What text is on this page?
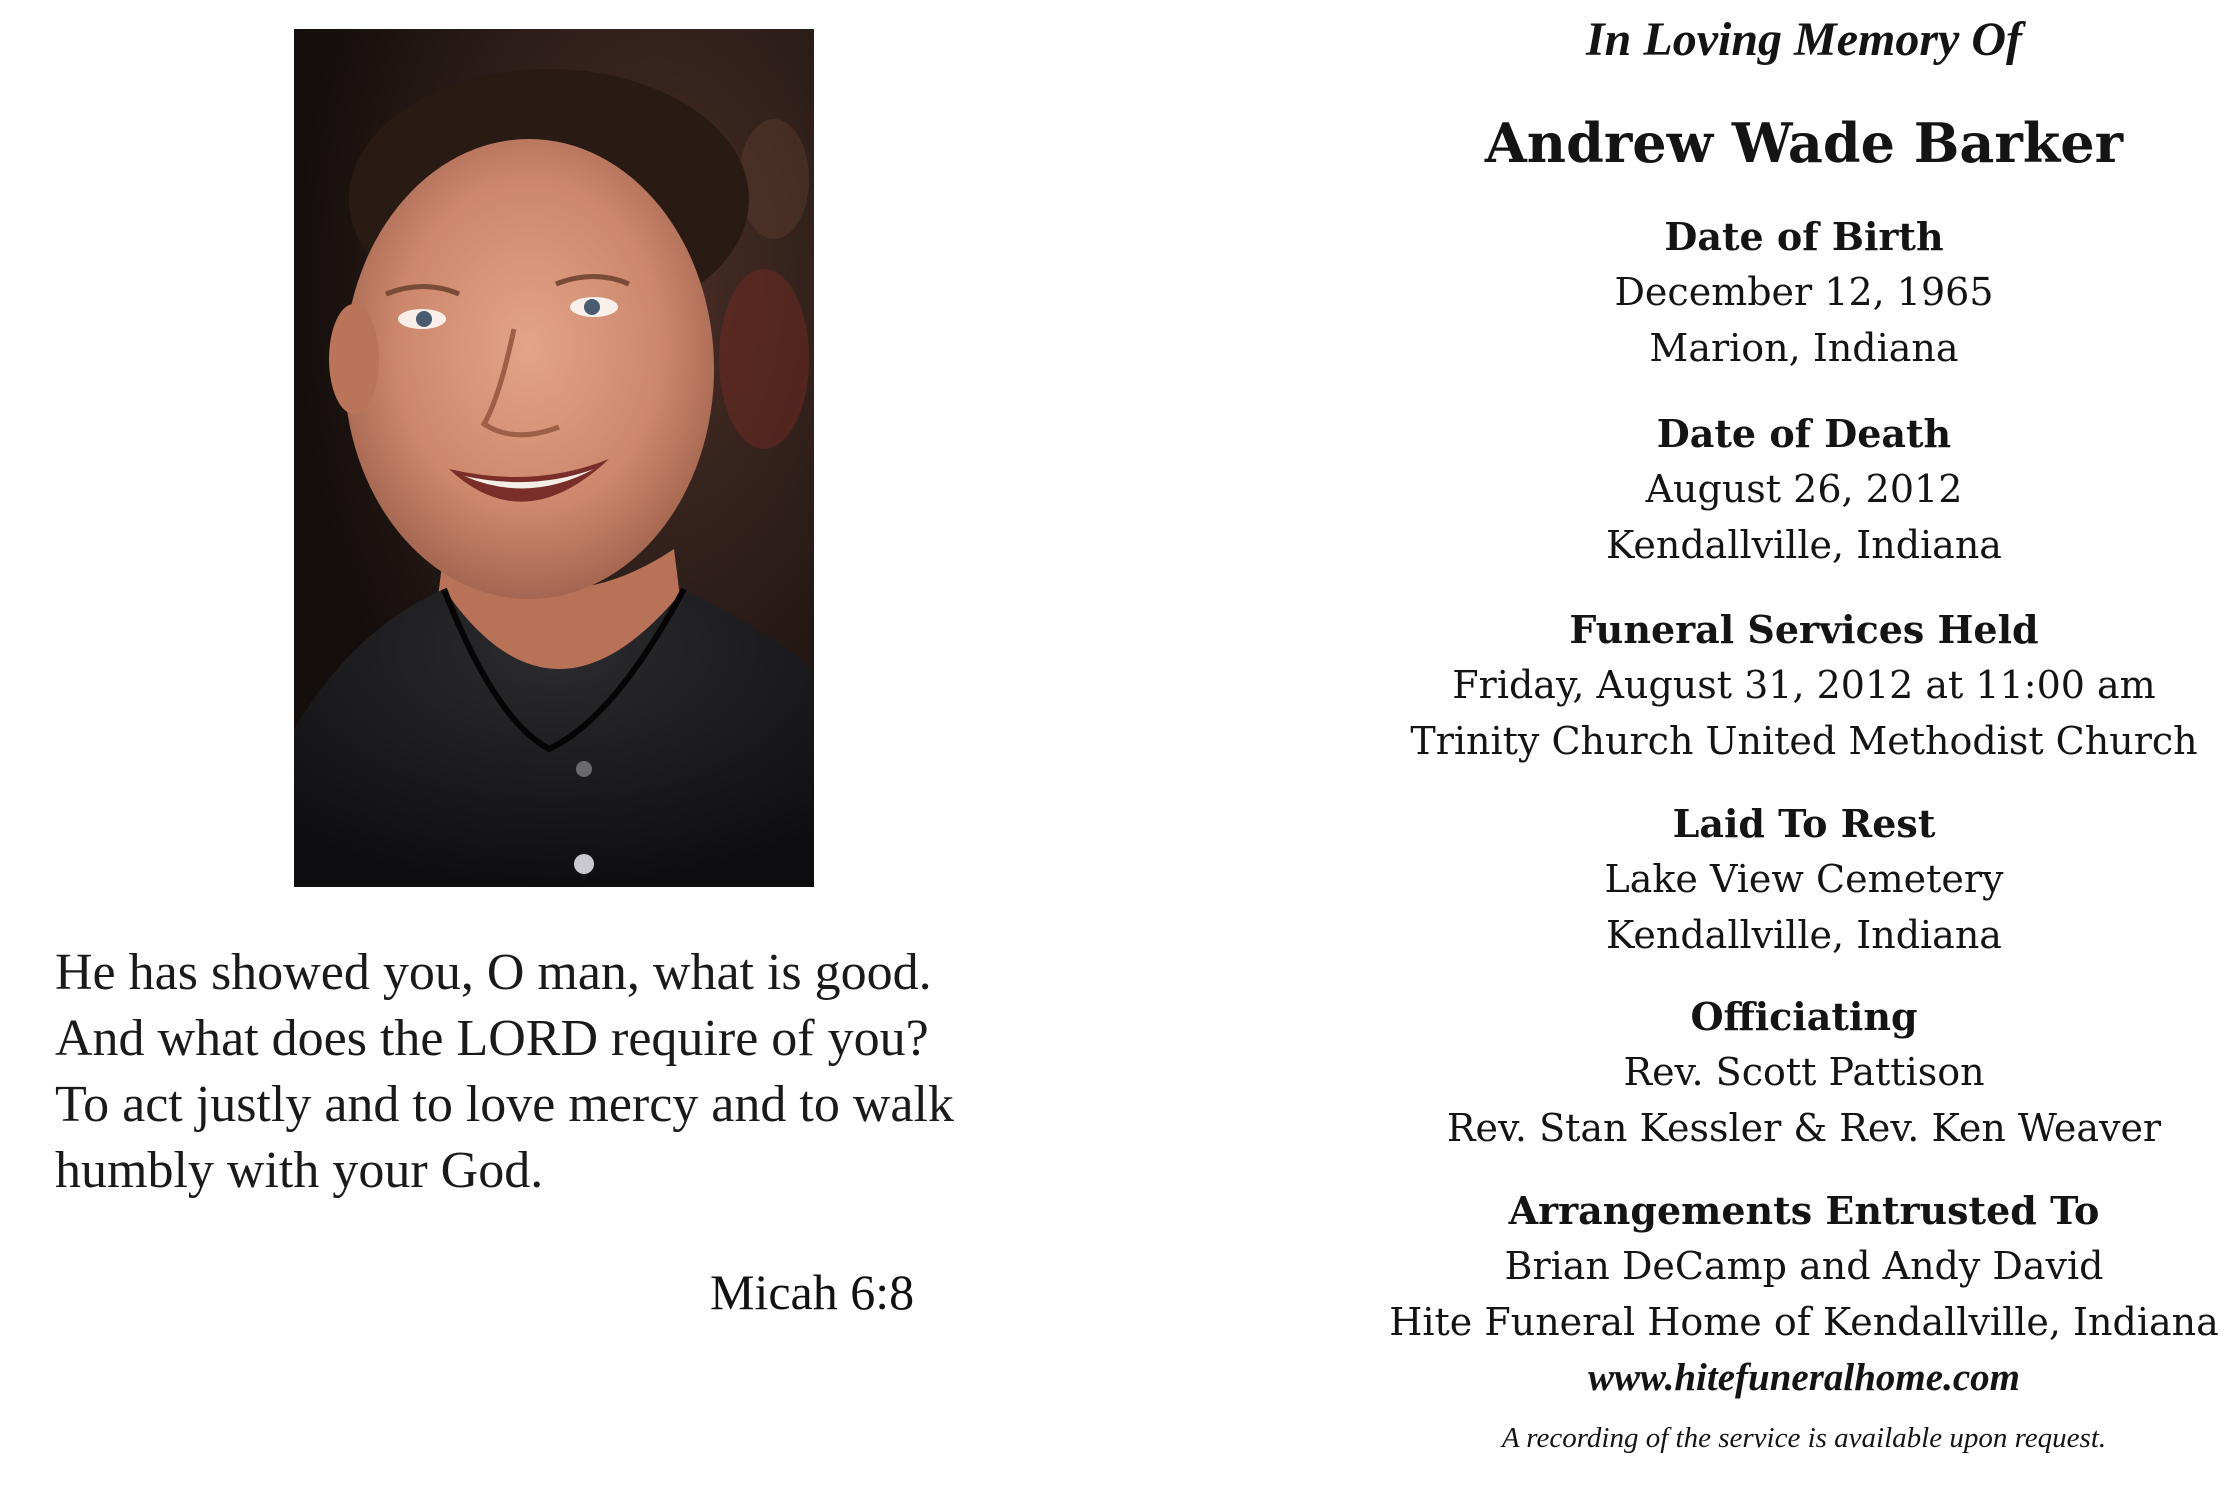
He has showed you, O man, what is good.
And what does the LORD require of you?
To act justly and to love mercy and to walk
humbly with your God.
Micah 6:8
In Loving Memory Of
Andrew Wade Barker
Date of Birth
December 12, 1965
Marion, Indiana
Date of Death
August 26, 2012
Kendallville, Indiana
Funeral Services Held
Friday, August 31, 2012 at 11:00 am
Trinity Church United Methodist Church
Laid To Rest
Lake View Cemetery
Kendallville, Indiana
Officiating
Rev. Scott Pattison
Rev. Stan Kessler & Rev. Ken Weaver
Arrangements Entrusted To
Brian DeCamp and Andy David
Hite Funeral Home of Kendallville, Indiana
www.hitefuneralhome.com
A recording of the service is available upon request.
